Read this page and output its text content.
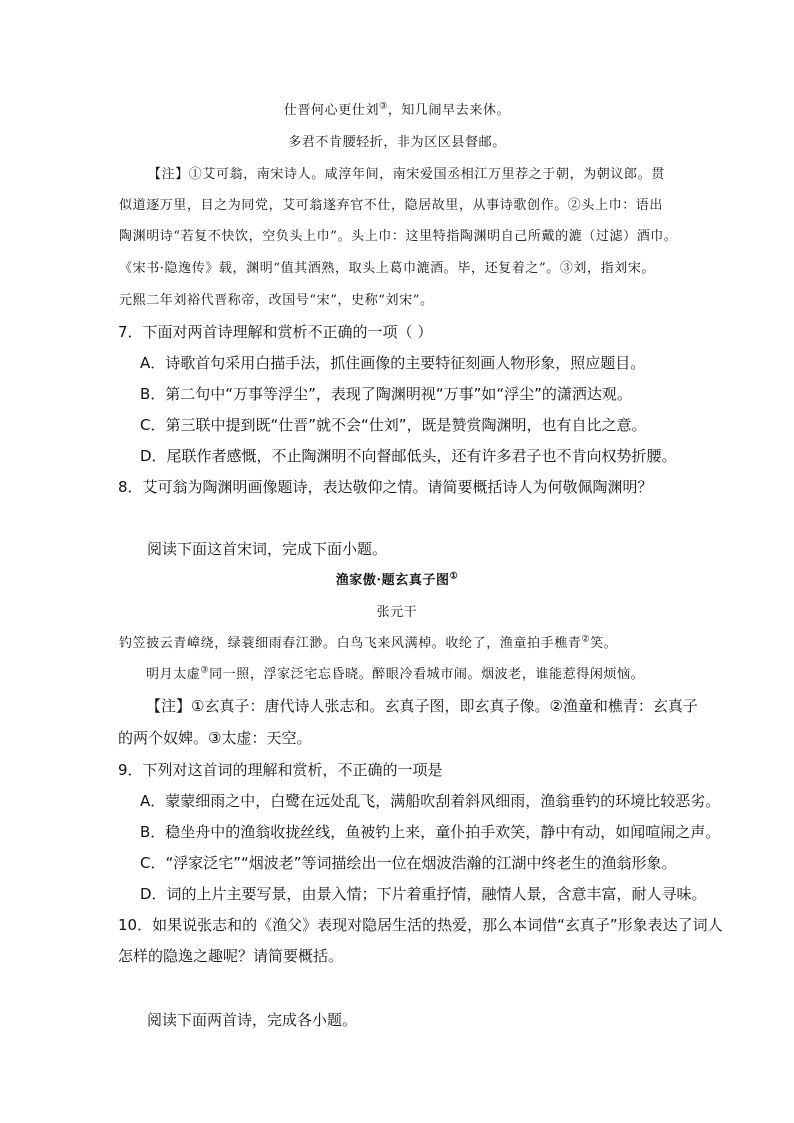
仕晋何心更仕刘③，知几闹早去来休。
多君不肯腰轻折，非为区区县督邮。
【注】①艾可翁，南宋诗人。咸淳年间，南宋爱国丞相江万里荐之于朝，为朝议郎。贯
似道逐万里，目之为同党，艾可翁遂弃官不仕，隐居故里，从事诗歌创作。②头上巾：语出
陶渊明诗“若复不快饮，空负头上巾”。头上巾：这里特指陶渊明自己所戴的漉（过滤）酒巾。
《宋书·隐逸传》载，渊明“值其酒熟，取头上葛巾漉酒。毕，还复着之”。③刘，指刘宋。
元熙二年刘裕代晋称帝，改国号“宋”，史称“刘宋”。
7．下面对两首诗理解和赏析不正确的一项（ ）
A．诗歌首句采用白描手法，抓住画像的主要特征刻画人物形象，照应题目。
B．第二句中“万事等浮尘”，表现了陶渊明视“万事”如“浮尘”的潇洒达观。
C．第三联中提到既“仕晋”就不会“仕刘”，既是赞赏陶渊明，也有自比之意。
D．尾联作者感慨，不止陶渊明不向督邮低头，还有许多君子也不肯向权势折腰。
8．艾可翁为陶渊明画像题诗，表达敬仰之情。请简要概括诗人为何敬佩陶渊明？
阅读下面这首宋词，完成下面小题。
渔家傲·题玄真子图①
张元干
钓笠披云青嶂绕，绿蓑细雨春江渺。白鸟飞来风满棹。收纶了，渔童拍手樵青②笑。
明月太虚③同一照，浮家泛宅忘昏晓。醉眼冷看城市闹。烟波老，谁能惹得闲烦恼。
【注】①玄真子：唐代诗人张志和。玄真子图，即玄真子像。②渔童和樵青：玄真子
的两个奴婢。③太虚：天空。
9．下列对这首词的理解和赏析，不正确的一项是
A．蒙蒙细雨之中，白鹭在远处乱飞，满船吹刮着斜风细雨，渔翁垂钓的环境比较恶劣。
B．稳坐舟中的渔翁收拢丝线，鱼被钓上来，童仆拍手欢笑，静中有动，如闻喧闹之声。
C．“浮家泛宅”“烟波老”等词描绘出一位在烟波浩瀚的江湖中终老生的渔翁形象。
D．词的上片主要写景，由景入情；下片着重抒情，融情人景，含意丰富，耐人寻味。
10．如果说张志和的《渔父》表现对隐居生活的热爱，那么本词借“玄真子”形象表达了词人
怎样的隐逸之趣呢？请简要概括。
阅读下面两首诗，完成各小题。
